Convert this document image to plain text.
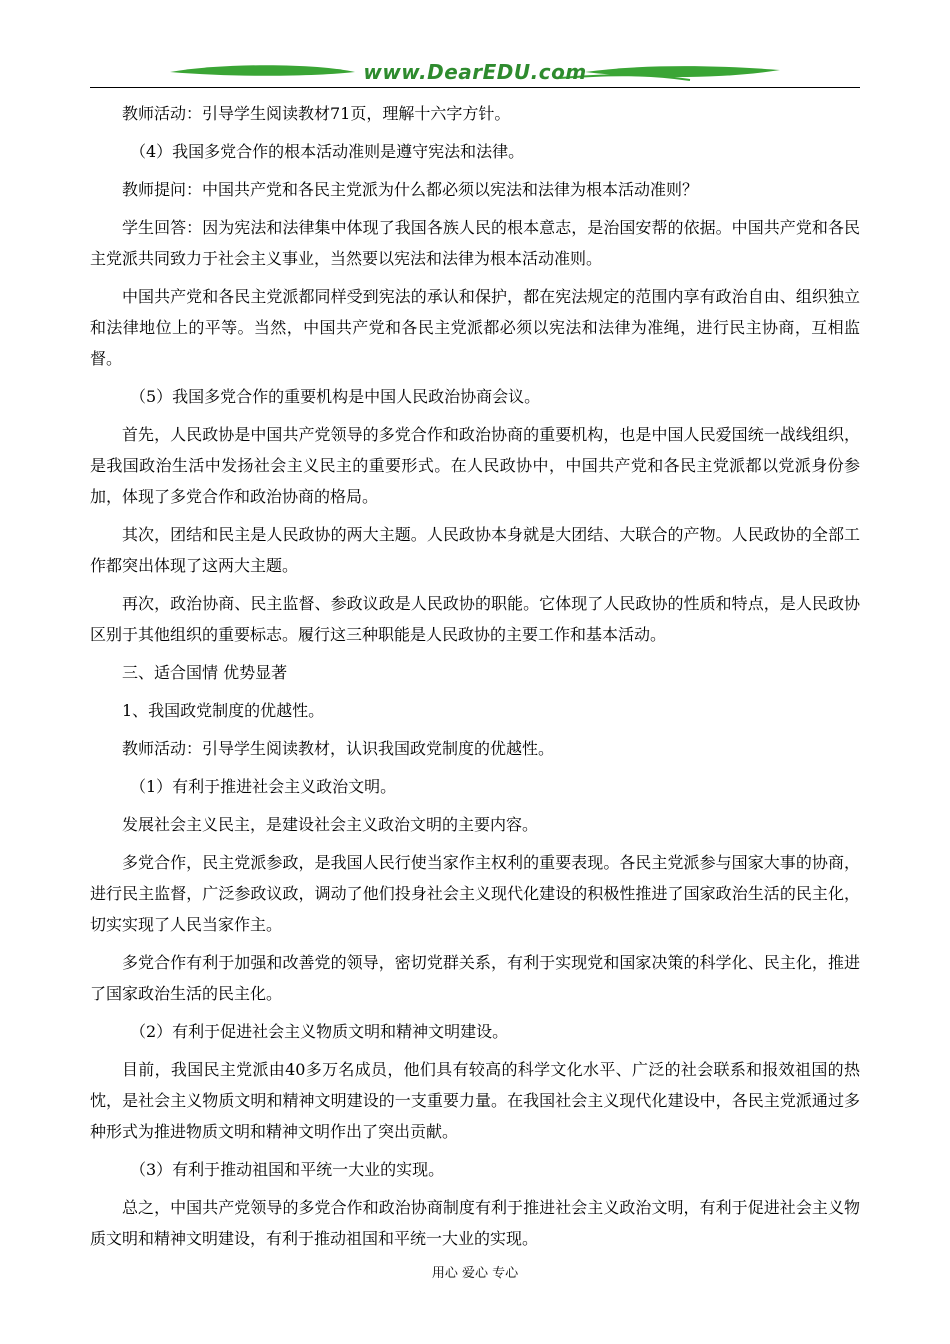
www.DearEDU.com

教师活动：引导学生阅读教材71页，理解十六字方针。

（4）我国多党合作的根本活动准则是遵守宪法和法律。

教师提问：中国共产党和各民主党派为什么都必须以宪法和法律为根本活动准则？

学生回答：因为宪法和法律集中体现了我国各族人民的根本意志，是治国安帮的依据。中国共产党和各民主党派共同致力于社会主义事业，当然要以宪法和法律为根本活动准则。

中国共产党和各民主党派都同样受到宪法的承认和保护，都在宪法规定的范围内享有政治自由、组织独立和法律地位上的平等。当然，中国共产党和各民主党派都必须以宪法和法律为准绳，进行民主协商，互相监督。

（5）我国多党合作的重要机构是中国人民政治协商会议。

首先，人民政协是中国共产党领导的多党合作和政治协商的重要机构，也是中国人民爱国统一战线组织，是我国政治生活中发扬社会主义民主的重要形式。在人民政协中，中国共产党和各民主党派都以党派身份参加，体现了多党合作和政治协商的格局。

其次，团结和民主是人民政协的两大主题。人民政协本身就是大团结、大联合的产物。人民政协的全部工作都突出体现了这两大主题。

再次，政治协商、民主监督、参政议政是人民政协的职能。它体现了人民政协的性质和特点，是人民政协区别于其他组织的重要标志。履行这三种职能是人民政协的主要工作和基本活动。

三、适合国情 优势显著

1、我国政党制度的优越性。

教师活动：引导学生阅读教材，认识我国政党制度的优越性。

（1）有利于推进社会主义政治文明。

发展社会主义民主，是建设社会主义政治文明的主要内容。

多党合作，民主党派参政，是我国人民行使当家作主权利的重要表现。各民主党派参与国家大事的协商，进行民主监督，广泛参政议政，调动了他们投身社会主义现代化建设的积极性推进了国家政治生活的民主化，切实实现了人民当家作主。

多党合作有利于加强和改善党的领导，密切党群关系，有利于实现党和国家决策的科学化、民主化，推进了国家政治生活的民主化。

（2）有利于促进社会主义物质文明和精神文明建设。

目前，我国民主党派由40多万名成员，他们具有较高的科学文化水平、广泛的社会联系和报效祖国的热忱，是社会主义物质文明和精神文明建设的一支重要力量。在我国社会主义现代化建设中，各民主党派通过多种形式为推进物质文明和精神文明作出了突出贡献。

（3）有利于推动祖国和平统一大业的实现。

总之，中国共产党领导的多党合作和政治协商制度有利于推进社会主义政治文明，有利于促进社会主义物质文明和精神文明建设，有利于推动祖国和平统一大业的实现。

用心 爱心 专心
